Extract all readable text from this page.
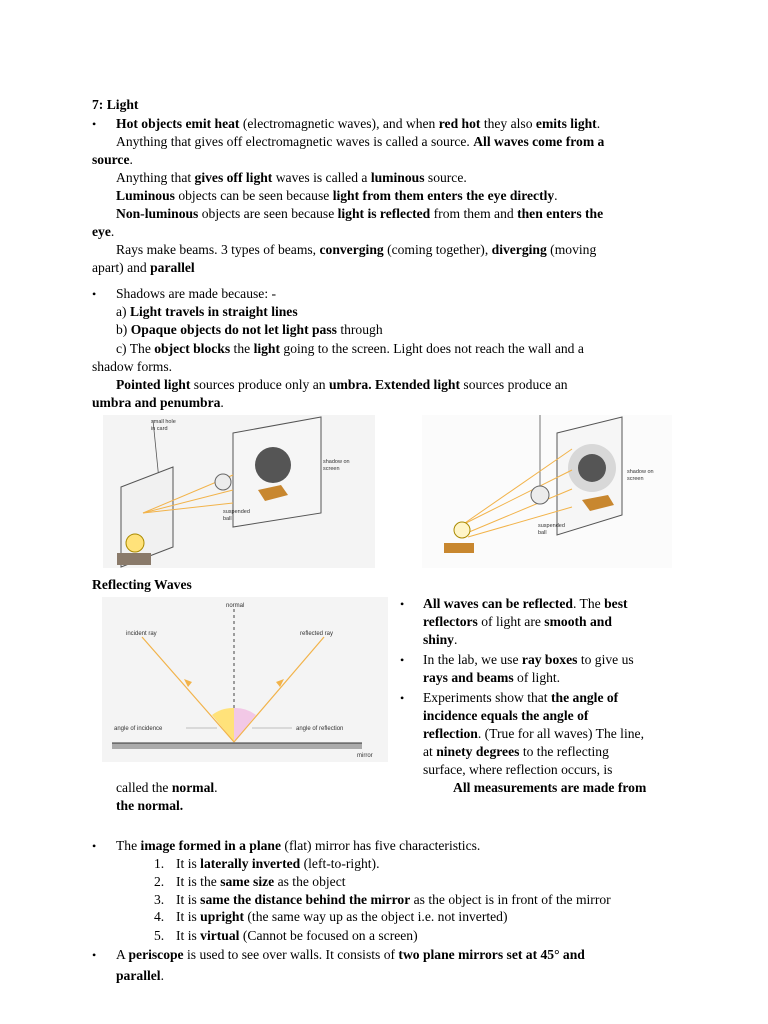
7: Light
• Hot objects emit heat (electromagnetic waves), and when red hot they also emits light.
Anything that gives off electromagnetic waves is called a source. All waves come from a
source.
Anything that gives off light waves is called a luminous source.
Luminous objects can be seen because light from them enters the eye directly.
Non-luminous objects are seen because light is reflected from them and then enters the
eye.
Rays make beams. 3 types of beams, converging (coming together), diverging (moving
apart) and parallel
• Shadows are made because: -
a) Light travels in straight lines
b) Opaque objects do not let light pass through
c) The object blocks the light going to the screen. Light does not reach the wall and a
shadow forms.
Pointed light sources produce only an umbra. Extended light sources produce an
umbra and penumbra.
small hole
in card
shadow on
screen
suspended
ball
shadow on
screen
suspended
ball
Reflecting Waves
normal
incident ray	reflected ray
angle of incidence	angle of reflection
mirror
• All waves can be reflected. The best
reflectors of light are smooth and
shiny.
• In the lab, we use ray boxes to give us
rays and beams of light.
• Experiments show that the angle of
incidence equals the angle of
reflection. (True for all waves) The line,
at ninety degrees to the reflecting
surface, where reflection occurs, is
called the normal.	All measurements are made from
the normal.
• The image formed in a plane (flat) mirror has five characteristics.
1. It is laterally inverted (left-to-right).
2. It is the same size as the object
3. It is same the distance behind the mirror as the object is in front of the mirror
4. It is upright (the same way up as the object i.e. not inverted)
5. It is virtual (Cannot be focused on a screen)
• A periscope is used to see over walls. It consists of two plane mirrors set at 45° and
parallel.
